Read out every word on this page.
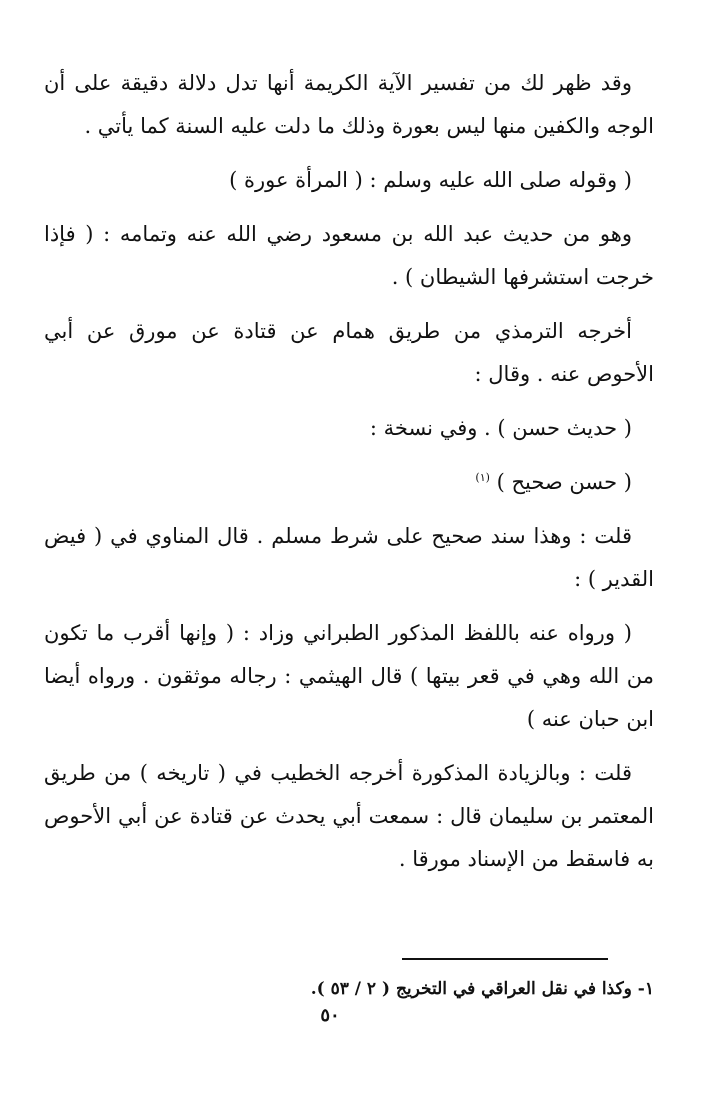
وقد ظهر لك من تفسير الآية الكريمة أنها تدل دلالة دقيقة على أن الوجه والكفين منها ليس بعورة وذلك ما دلت عليه السنة كما يأتي .

( وقوله صلى الله عليه وسلم : ( المرأة عورة )

وهو من حديث عبد الله بن مسعود رضي الله عنه وتمامه : ( فإذا خرجت استشرفها الشيطان ) .

أخرجه الترمذي من طريق همام عن قتادة عن مورق عن أبي الأحوص عنه . وقال :

( حديث حسن ) . وفي نسخة :

( حسن صحيح ) $^{(١)}$

قلت : وهذا سند صحيح على شرط مسلم . قال المناوي في ( فيض القدير ) :

( ورواه عنه باللفظ المذكور الطبراني وزاد : ( وإنها أقرب ما تكون من الله وهي في قعر بيتها ) قال الهيثمي : رجاله موثقون . ورواه أيضا ابن حبان عنه )

قلت : وبالزيادة المذكورة أخرجه الخطيب في ( تاريخه ) من طريق المعتمر بن سليمان قال : سمعت أبي يحدث عن قتادة عن أبي الأحوص به فاسقط من الإسناد مورقا .

١- وكذا في نقل العراقي في التخريج ( ٢ / ٥٣ ).
٥٠
